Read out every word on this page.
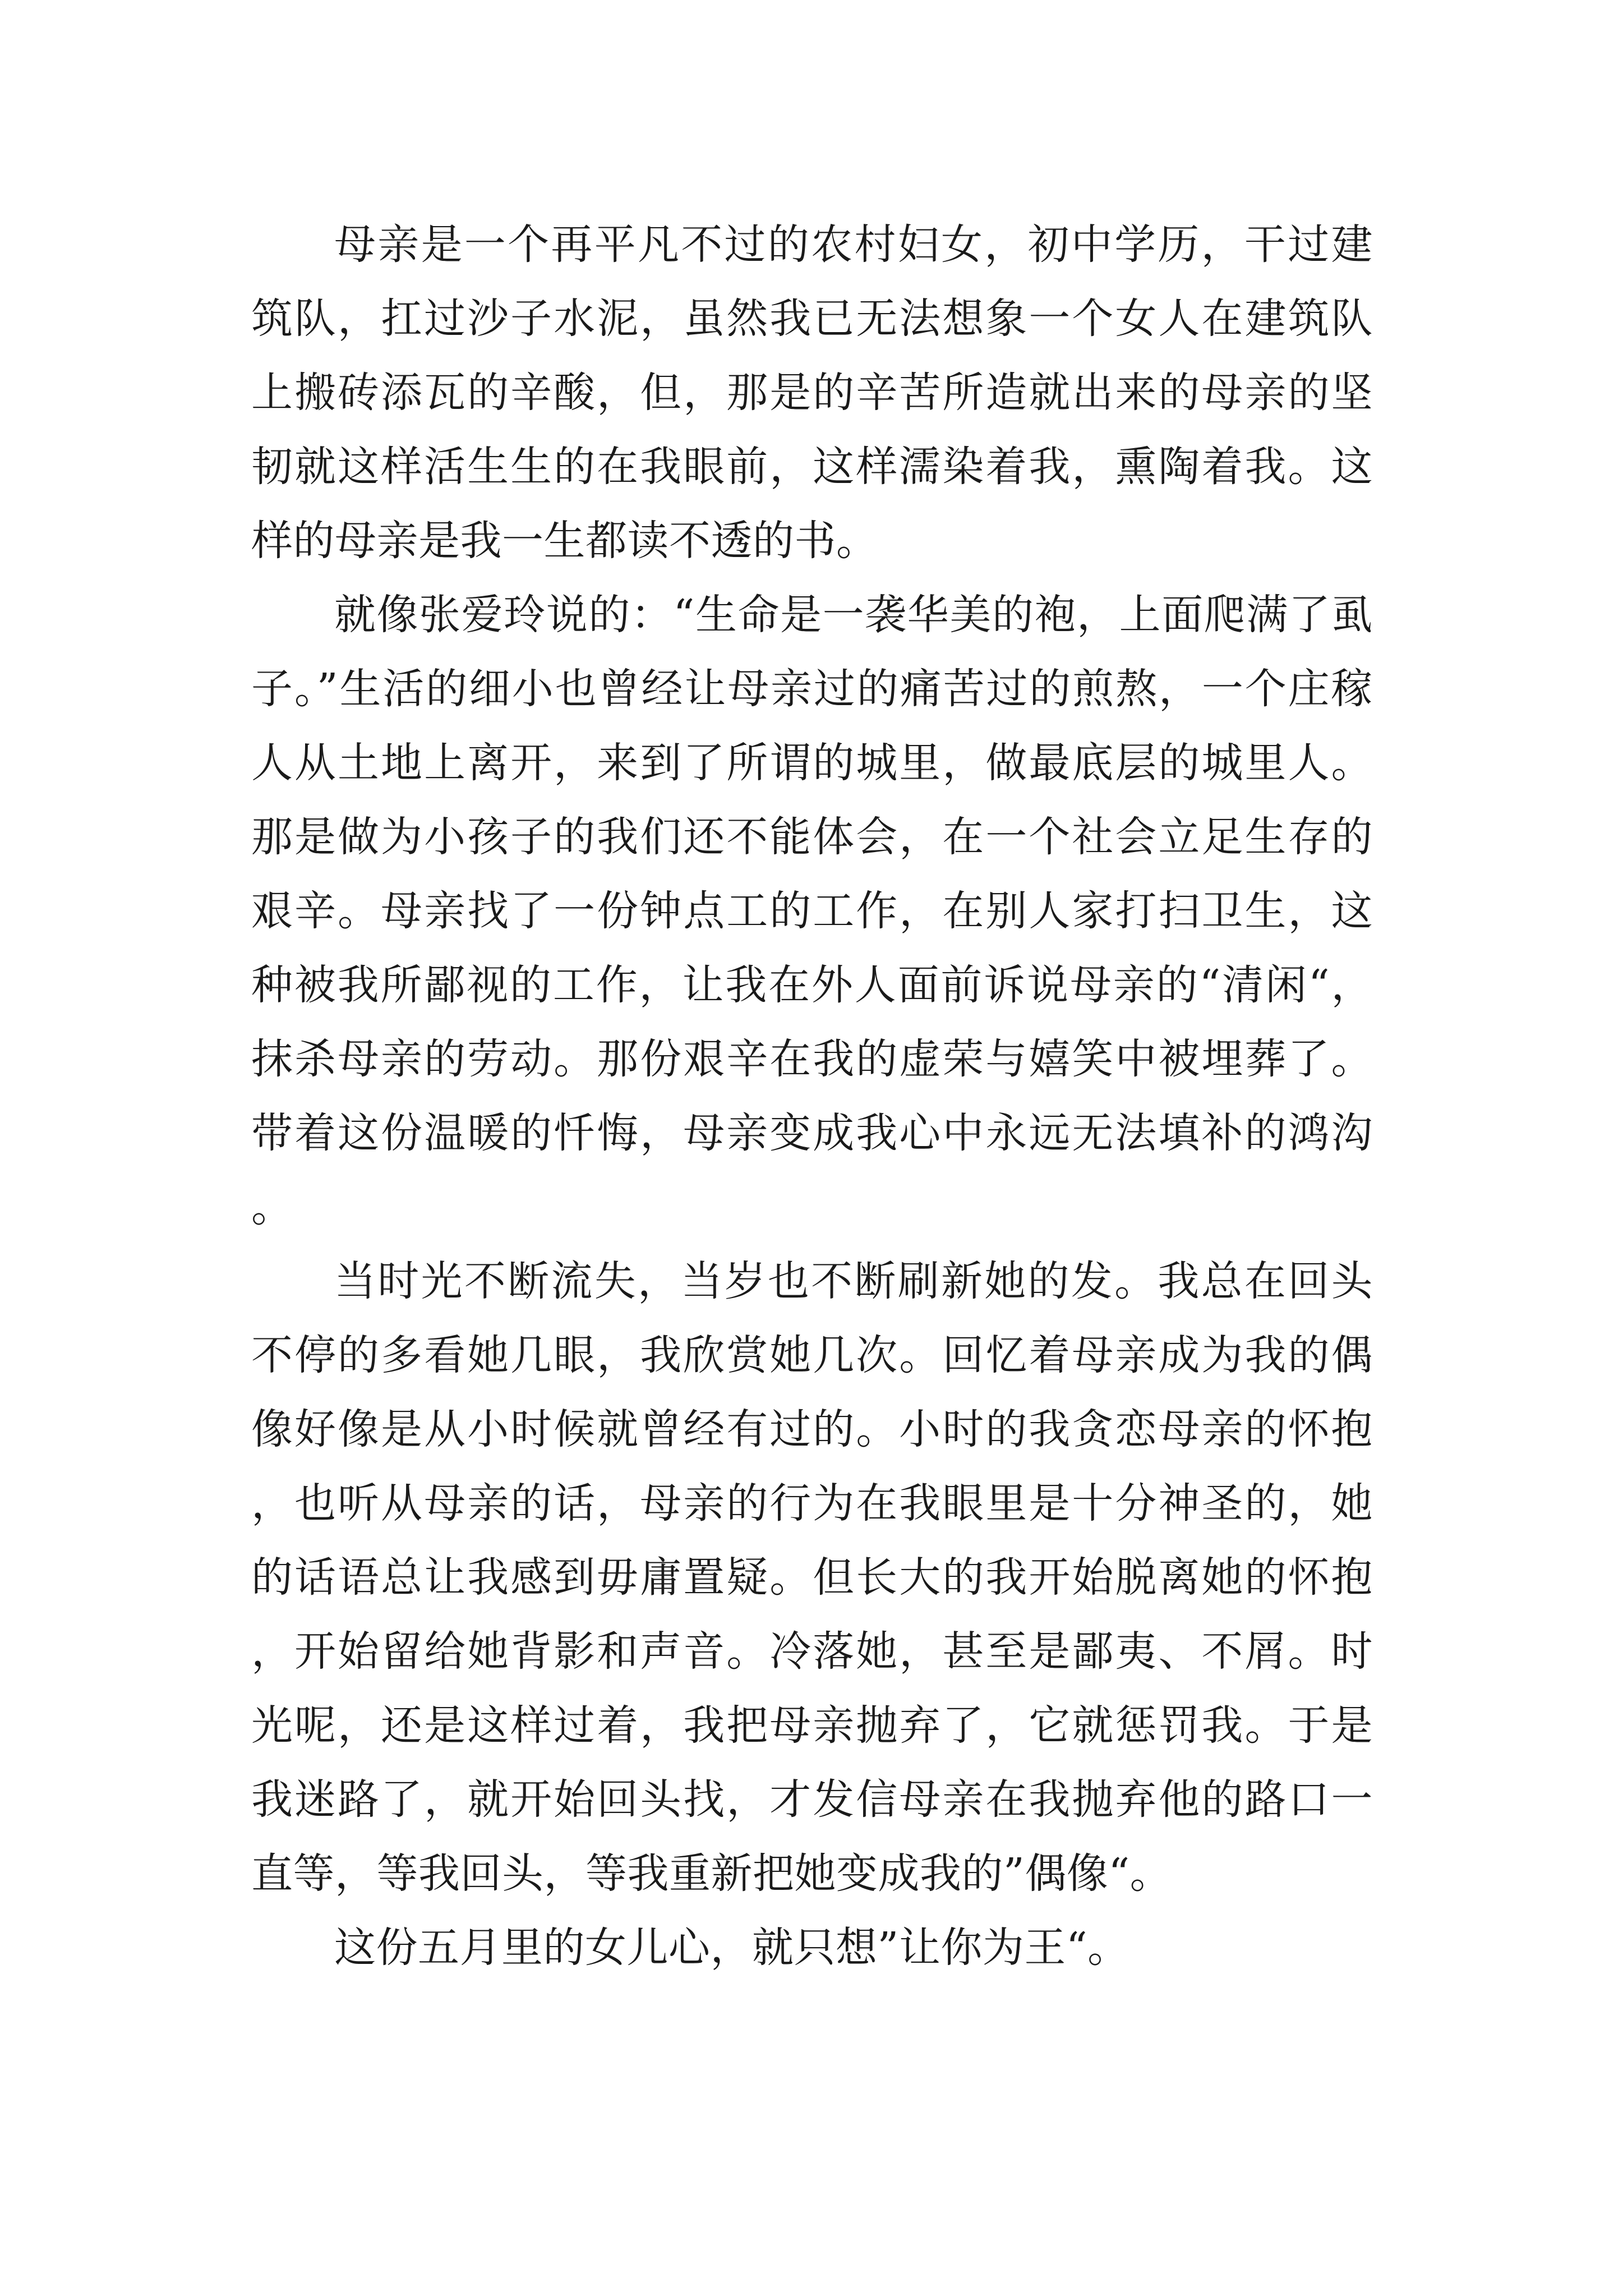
母亲是一个再平凡不过的农村妇女，初中学历，干过建筑队，扛过沙子水泥，虽然我已无法想象一个女人在建筑队上搬砖添瓦的辛酸，但，那是的辛苦所造就出来的母亲的坚韧就这样活生生的在我眼前，这样濡染着我，熏陶着我。这样的母亲是我一生都读不透的书。

就像张爱玲说的：“生命是一袭华美的袍，上面爬满了虱子。”生活的细小也曾经让母亲过的痛苦过的煎熬，一个庄稼人从土地上离开，来到了所谓的城里，做最底层的城里人。那是做为小孩子的我们还不能体会，在一个社会立足生存的艰辛。母亲找了一份钟点工的工作，在别人家打扫卫生，这种被我所鄙视的工作，让我在外人面前诉说母亲的“清闲“，抹杀母亲的劳动。那份艰辛在我的虚荣与嬉笑中被埋葬了。带着这份温暖的忏悔，母亲变成我心中永远无法填补的鸿沟。

当时光不断流失，当岁也不断刷新她的发。我总在回头不停的多看她几眼，我欣赏她几次。回忆着母亲成为我的偶像好像是从小时候就曾经有过的。小时的我贪恋母亲的怀抱，也听从母亲的话，母亲的行为在我眼里是十分神圣的，她的话语总让我感到毋庸置疑。但长大的我开始脱离她的怀抱，开始留给她背影和声音。冷落她，甚至是鄙夷、不屑。时光呢，还是这样过着，我把母亲抛弃了，它就惩罚我。于是我迷路了，就开始回头找，才发信母亲在我抛弃他的路口一直等，等我回头，等我重新把她变成我的”偶像“。

这份五月里的女儿心，就只想”让你为王“。
